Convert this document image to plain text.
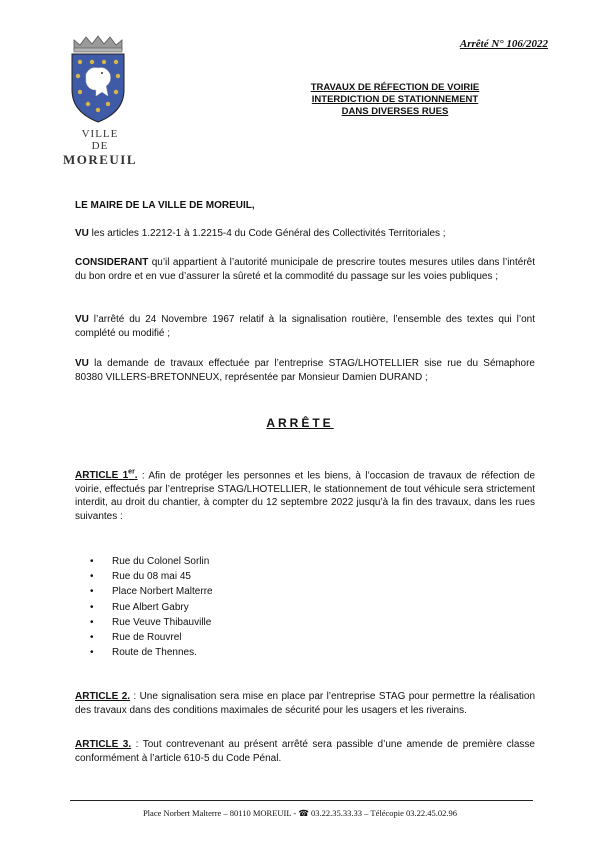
VILLE
DE
MOREUIL
Arrêté N° 106/2022
TRAVAUX DE RÉFECTION DE VOIRIE
INTERDICTION DE STATIONNEMENT
DANS DIVERSES RUES
LE MAIRE DE LA VILLE DE MOREUIL,
VU les articles 1.2212-1 à 1.2215-4 du Code Général des Collectivités Territoriales ;
CONSIDERANT qu’il appartient à l’autorité municipale de prescrire toutes mesures utiles dans l’intérêt du bon ordre et en vue d’assurer la sûreté et la commodité du passage sur les voies publiques ;
VU l’arrêté du 24 Novembre 1967 relatif à la signalisation routière, l’ensemble des textes qui l’ont complété ou modifié ;
VU la demande de travaux effectuée par l’entreprise STAG/LHOTELLIER sise rue du Sémaphore 80380 VILLERS-BRETONNEUX, représentée par Monsieur Damien DURAND ;
ARRÊTE
ARTICLE 1er. : Afin de protéger les personnes et les biens, à l’occasion de travaux de réfection de voirie, effectués par l’entreprise STAG/LHOTELLIER, le stationnement de tout véhicule sera strictement interdit, au droit du chantier, à compter du 12 septembre 2022 jusqu’à la fin des travaux, dans les rues suivantes :
• Rue du Colonel Sorlin
• Rue du 08 mai 45
• Place Norbert Malterre
• Rue Albert Gabry
• Rue Veuve Thibauville
• Rue de Rouvrel
• Route de Thennes.
ARTICLE 2. : Une signalisation sera mise en place par l’entreprise STAG pour permettre la réalisation des travaux dans des conditions maximales de sécurité pour les usagers et les riverains.
ARTICLE 3. : Tout contrevenant au présent arrêté sera passible d’une amende de première classe conformément à l’article 610-5 du Code Pénal.
Place Norbert Malterre – 80110 MOREUIL - ☎ 03.22.35.33.33 – Télécopie 03.22.45.02.96
